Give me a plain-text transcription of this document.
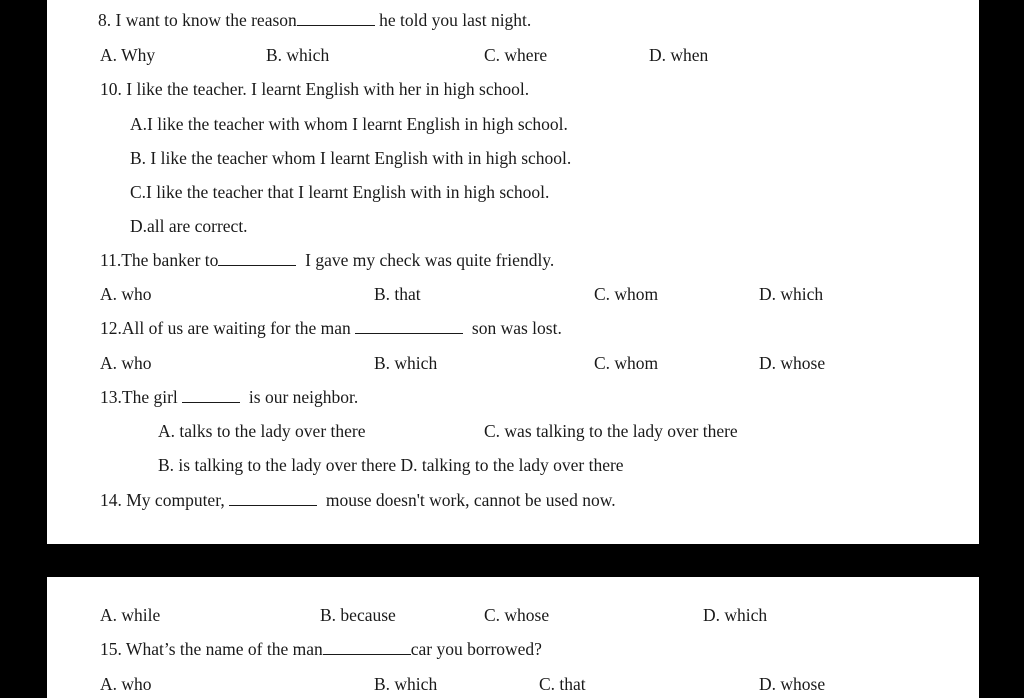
8. I want to know the reason	he told you last night.
A. Why	B. which	C. where	D. when
10. I like the teacher. I learnt English with her in high school.
A.I like the teacher with whom I learnt English in high school.
B. I like the teacher whom I learnt English with in high school.
C.I like the teacher that I learnt English with in high school.
D.all are correct.
11.The banker to	I gave my check was quite friendly.
A. who	B. that	C. whom	D. which
12.All of us are waiting for the man	son was lost.
A. who	B. which	C. whom	D. whose
13.The girl	is our neighbor.
A. talks to the lady over there	C. was talking to the lady over there
B. is talking to the lady over there D. talking to the lady over there
14. My computer,	mouse doesn't work, cannot be used now.
A. while	B. because	C. whose	D. which
15. What’s the name of the man	car you borrowed?
A. who	B. which	C. that	D. whose
